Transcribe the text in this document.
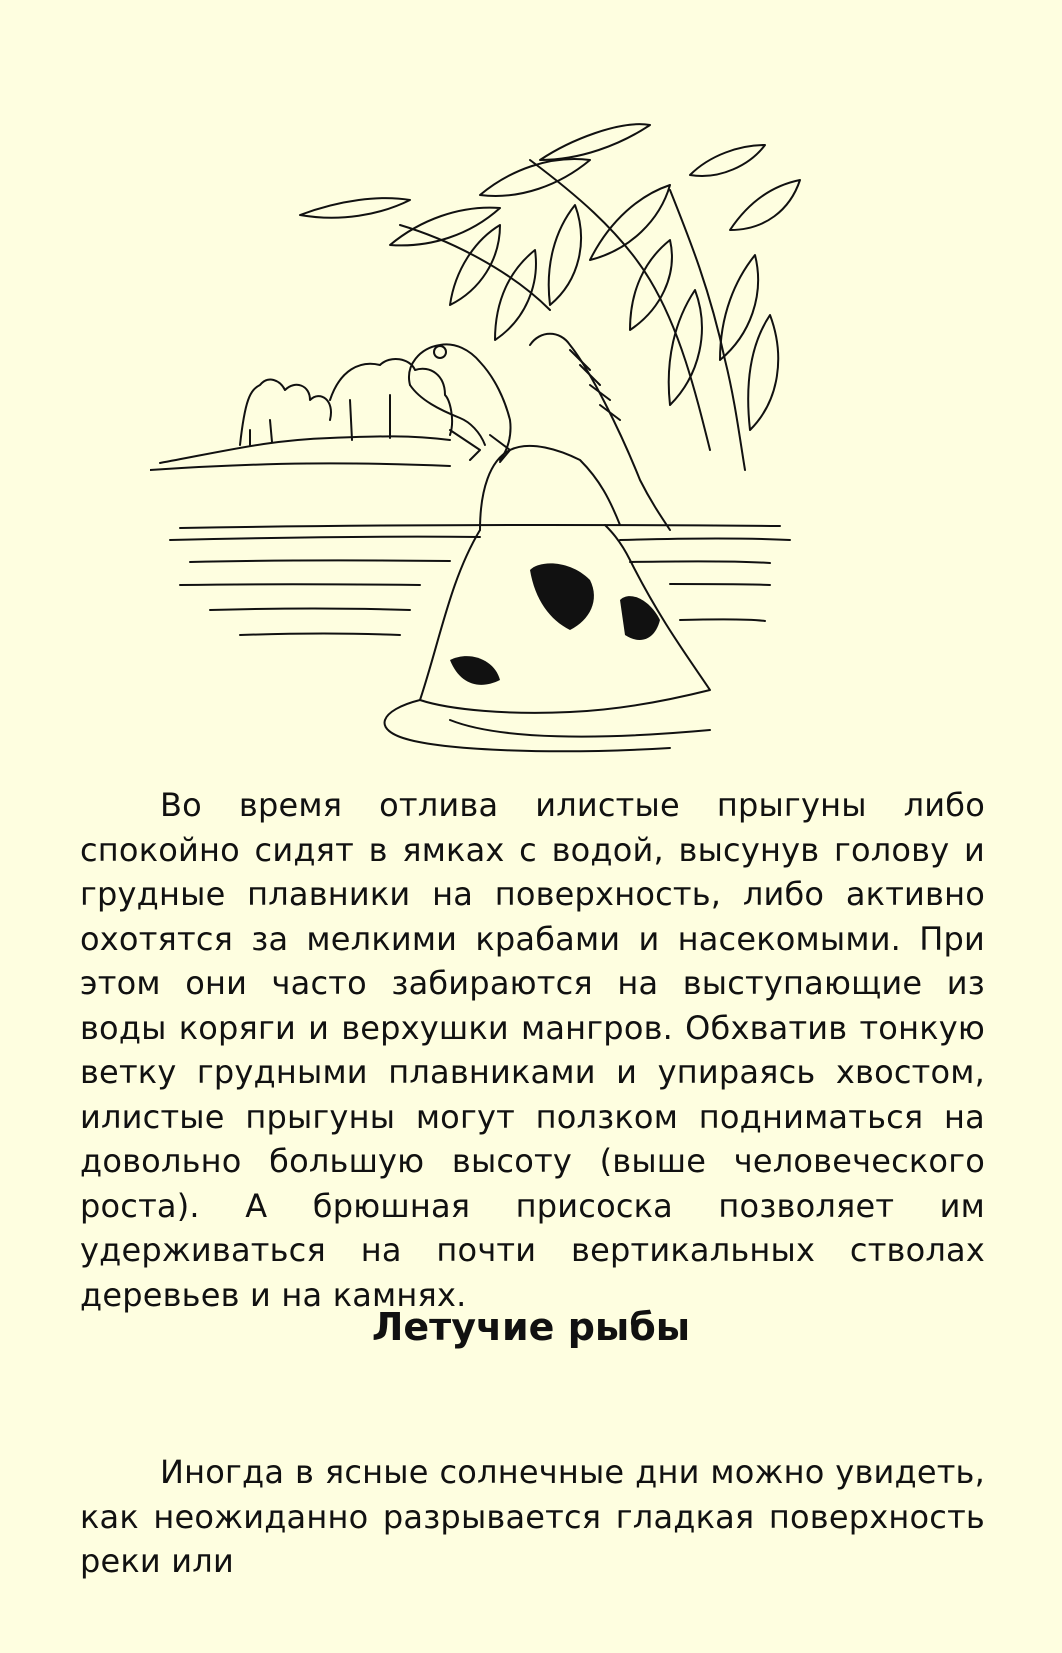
Во время отлива илистые прыгуны либо спокойно сидят в ямках с водой, высунув голову и грудные плавники на поверхность, либо активно охотятся за мелкими крабами и насекомыми. При этом они часто забираются на выступающие из воды коряги и верхушки мангров. Обхватив тонкую ветку грудными плавниками и упираясь хвостом, илистые прыгуны могут ползком подниматься на довольно большую высоту (выше человеческого роста). А брюшная присоска позволяет им удерживаться на почти вертикальных стволах деревьев и на камнях.

Летучие рыбы

Иногда в ясные солнечные дни можно увидеть, как неожиданно разрывается гладкая поверхность реки или
